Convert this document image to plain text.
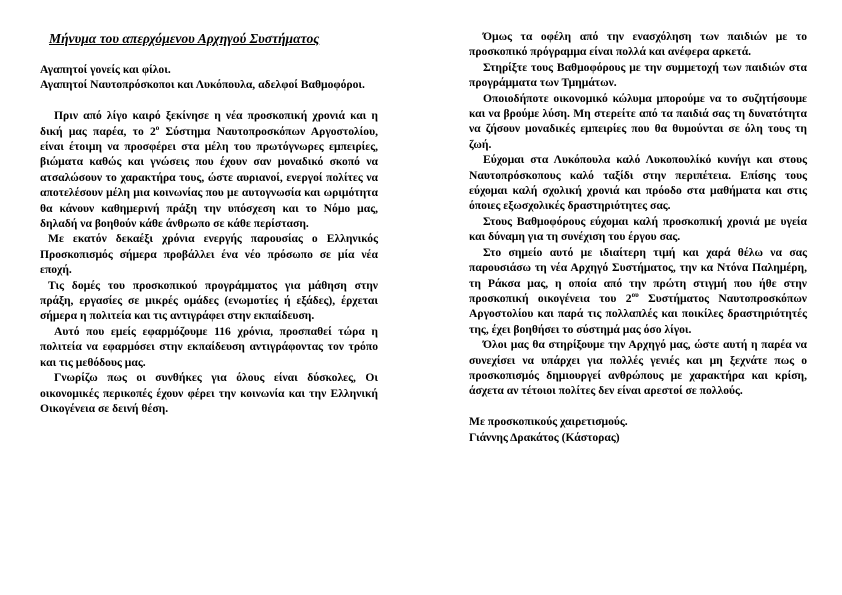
Μήνυμα του απερχόμενου Αρχηγού Συστήματος

Αγαπητοί γονείς και φίλοι.

Αγαπητοί Ναυτοπρόσκοποι και Λυκόπουλα, αδελφοί Βαθμοφόροι.

Πριν από λίγο καιρό ξεκίνησε η νέα προσκοπική χρονιά και η δική μας παρέα, το $2^o$ Σύστημα Ναυτοπροσκόπων Αργοστολίου, είναι έτοιμη να προσφέρει στα μέλη του πρωτόγνωρες εμπειρίες, βιώματα καθώς και γνώσεις που έχουν σαν μοναδικό σκοπό να ατσαλώσουν το χαρακτήρα τους, ώστε αυριανοί, ενεργοί πολίτες να αποτελέσουν μέλη μια κοινωνίας που με αυτογνωσία και ωριμότητα θα κάνουν καθημερινή πράξη την υπόσχεση και το Νόμο μας, δηλαδή να βοηθούν κάθε άνθρωπο σε κάθε περίσταση.

Με εκατόν δεκαέξι χρόνια ενεργής παρουσίας ο Ελληνικός Προσκοπισμός σήμερα προβάλλει ένα νέο πρόσωπο σε μία νέα εποχή.

Τις δομές του προσκοπικού προγράμματος για μάθηση στην πράξη, εργασίες σε μικρές ομάδες (ενωμοτίες ή εξάδες), έρχεται σήμερα η πολιτεία και τις αντιγράφει στην εκπαίδευση.

Αυτό που εμείς εφαρμόζουμε 116 χρόνια, προσπαθεί τώρα η πολιτεία να εφαρμόσει στην εκπαίδευση αντιγράφοντας τον τρόπο και τις μεθόδους μας.

Γνωρίζω πως οι συνθήκες για όλους είναι δύσκολες, Οι οικονομικές περικοπές έχουν φέρει την κοινωνία και την Ελληνική Οικογένεια σε δεινή θέση.

Όμως τα οφέλη από την ενασχόληση των παιδιών με το προσκοπικό πρόγραμμα είναι πολλά και ανέφερα αρκετά.

Στηρίξτε τους Βαθμοφόρους με την συμμετοχή των παιδιών στα προγράμματα των Τμημάτων.

Οποιοδήποτε οικονομικό κώλυμα μπορούμε να το συζητήσουμε και να βρούμε λύση. Μη στερείτε από τα παιδιά σας τη δυνατότητα να ζήσουν μοναδικές εμπειρίες που θα θυμούνται σε όλη τους τη ζωή.

Εύχομαι στα Λυκόπουλα καλό Λυκοπουλίκό κυνήγι και στους Ναυτοπρόσκοπους καλό ταξίδι στην περιπέτεια. Επίσης τους εύχομαι καλή σχολική χρονιά και πρόοδο στα μαθήματα και στις όποιες εξωσχολικές δραστηριότητες σας.

Στους Βαθμοφόρους εύχομαι καλή προσκοπική χρονιά με υγεία και δύναμη για τη συνέχιση του έργου σας.

Στο σημείο αυτό με ιδιαίτερη τιμή και χαρά θέλω να σας παρουσιάσω τη νέα Αρχηγό Συστήματος, την κα Ντόνα Παλημέρη, τη Ράκσα μας, η οποία από την πρώτη στιγμή που ήθε στην προσκοπική οικογένεια του $2^{o\upsilon}$ Συστήματος Ναυτοπροσκόπων Αργοστολίου και παρά τις πολλαπλές και ποικίλες δραστηριότητές της, έχει βοηθήσει το σύστημά μας όσο λίγοι.

Όλοι μας θα στηρίξουμε την Αρχηγό μας, ώστε αυτή η παρέα να συνεχίσει να υπάρχει για πολλές γενιές και μη ξεχνάτε πως ο προσκοπισμός δημιουργεί ανθρώπους με χαρακτήρα και κρίση, άσχετα αν τέτοιοι πολίτες δεν είναι αρεστοί σε πολλούς.

Με προσκοπικούς χαιρετισμούς.

Γιάννης Δρακάτος (Κάστορας)
